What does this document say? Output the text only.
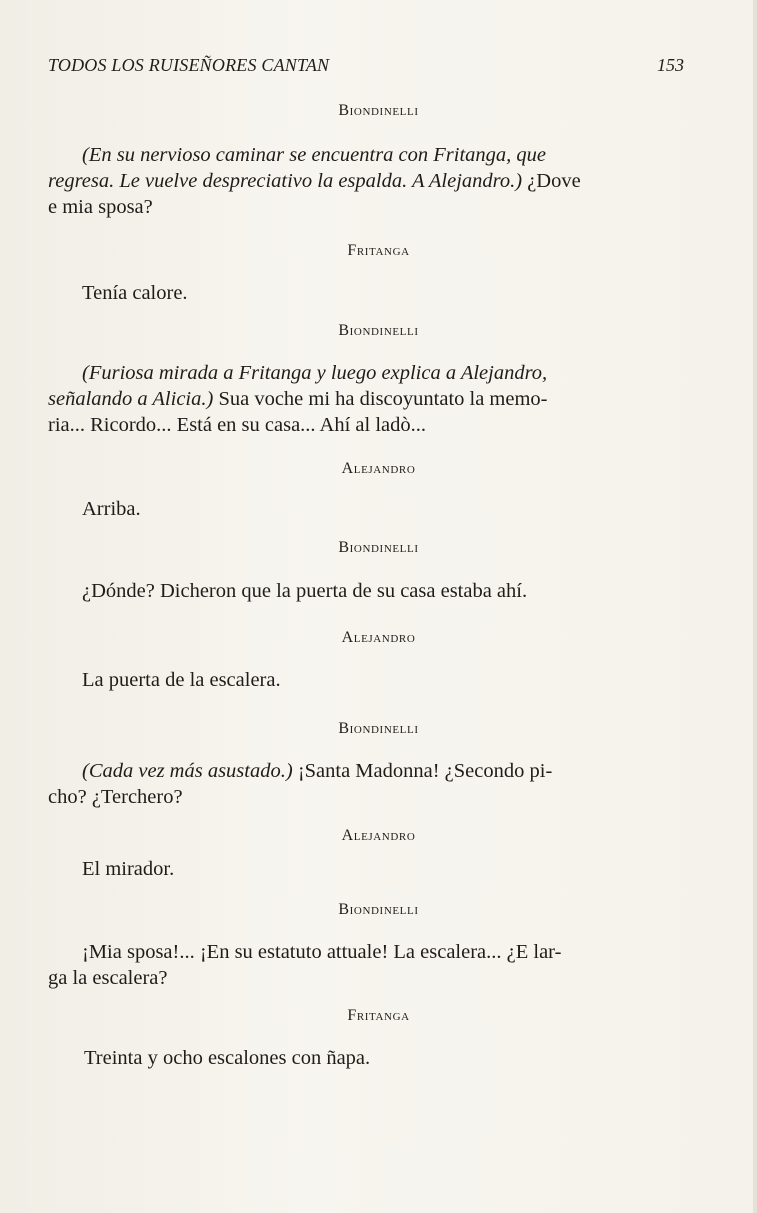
TODOS LOS RUISEÑORES CANTAN	153
Biondinelli
(En su nervioso caminar se encuentra con Fritanga, que
regresa. Le vuelve despreciativo la espalda. A Alejandro.) ¿Dove
e mia sposa?
Fritanga
Tenía calore.
Biondinelli
(Furiosa mirada a Fritanga y luego explica a Alejandro,
señalando a Alicia.) Sua voche mi ha discoyuntato la memo-
ria... Ricordo... Está en su casa... Ahí al ladò...
Alejandro
Arriba.
Biondinelli
¿Dónde? Dicheron que la puerta de su casa estaba ahí.
Alejandro
La puerta de la escalera.
Biondinelli
(Cada vez más asustado.) ¡Santa Madonna! ¿Secondo pi-
cho? ¿Terchero?
Alejandro
El mirador.
Biondinelli
¡Mia sposa!... ¡En su estatuto attuale! La escalera... ¿E lar-
ga la escalera?
Fritanga
Treinta y ocho escalones con ñapa.
